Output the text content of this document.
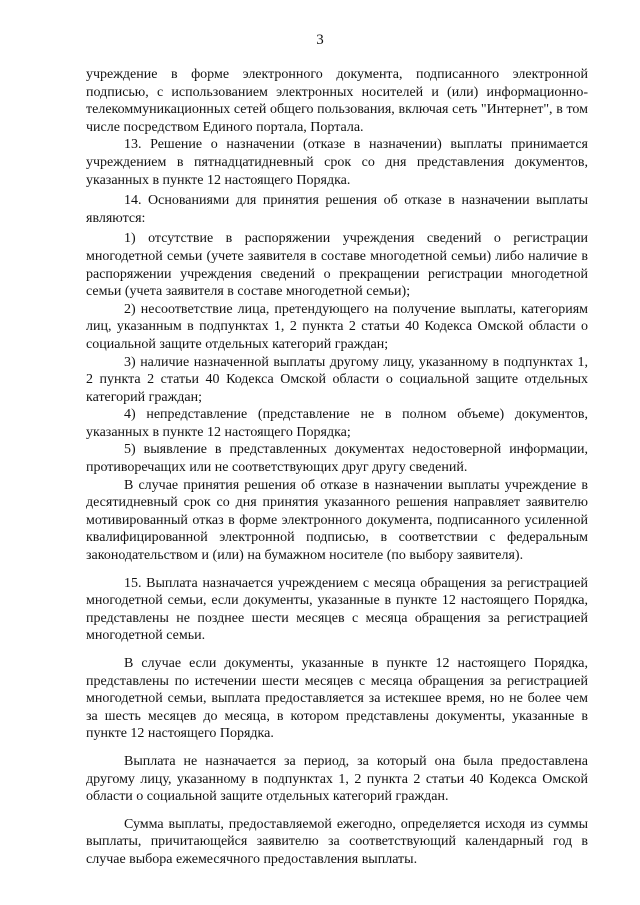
3

учреждение в форме электронного документа, подписанного электронной подписью, с использованием электронных носителей и (или) информационно-телекоммуникационных сетей общего пользования, включая сеть "Интернет", в том числе посредством Единого портала, Портала.

13. Решение о назначении (отказе в назначении) выплаты принимается учреждением в пятнадцатидневный срок со дня представления документов, указанных в пункте 12 настоящего Порядка.

14. Основаниями для принятия решения об отказе в назначении выплаты являются:

1) отсутствие в распоряжении учреждения сведений о регистрации многодетной семьи (учете заявителя в составе многодетной семьи) либо наличие в распоряжении учреждения сведений о прекращении регистрации многодетной семьи (учета заявителя в составе многодетной семьи);

2) несоответствие лица, претендующего на получение выплаты, категориям лиц, указанным в подпунктах 1, 2 пункта 2 статьи 40 Кодекса Омской области о социальной защите отдельных категорий граждан;

3) наличие назначенной выплаты другому лицу, указанному в подпунктах 1, 2 пункта 2 статьи 40 Кодекса Омской области о социальной защите отдельных категорий граждан;

4) непредставление (представление не в полном объеме) документов, указанных в пункте 12 настоящего Порядка;

5) выявление в представленных документах недостоверной информации, противоречащих или не соответствующих друг другу сведений.

В случае принятия решения об отказе в назначении выплаты учреждение в десятидневный срок со дня принятия указанного решения направляет заявителю мотивированный отказ в форме электронного документа, подписанного усиленной квалифицированной электронной подписью, в соответствии с федеральным законодательством и (или) на бумажном носителе (по выбору заявителя).

15. Выплата назначается учреждением с месяца обращения за регистрацией многодетной семьи, если документы, указанные в пункте 12 настоящего Порядка, представлены не позднее шести месяцев с месяца обращения за регистрацией многодетной семьи.

В случае если документы, указанные в пункте 12 настоящего Порядка, представлены по истечении шести месяцев с месяца обращения за регистрацией многодетной семьи, выплата предоставляется за истекшее время, но не более чем за шесть месяцев до месяца, в котором представлены документы, указанные в пункте 12 настоящего Порядка.

Выплата не назначается за период, за который она была предоставлена другому лицу, указанному в подпунктах 1, 2 пункта 2 статьи 40 Кодекса Омской области о социальной защите отдельных категорий граждан.

Сумма выплаты, предоставляемой ежегодно, определяется исходя из суммы выплаты, причитающейся заявителю за соответствующий календарный год в случае выбора ежемесячного предоставления выплаты.
